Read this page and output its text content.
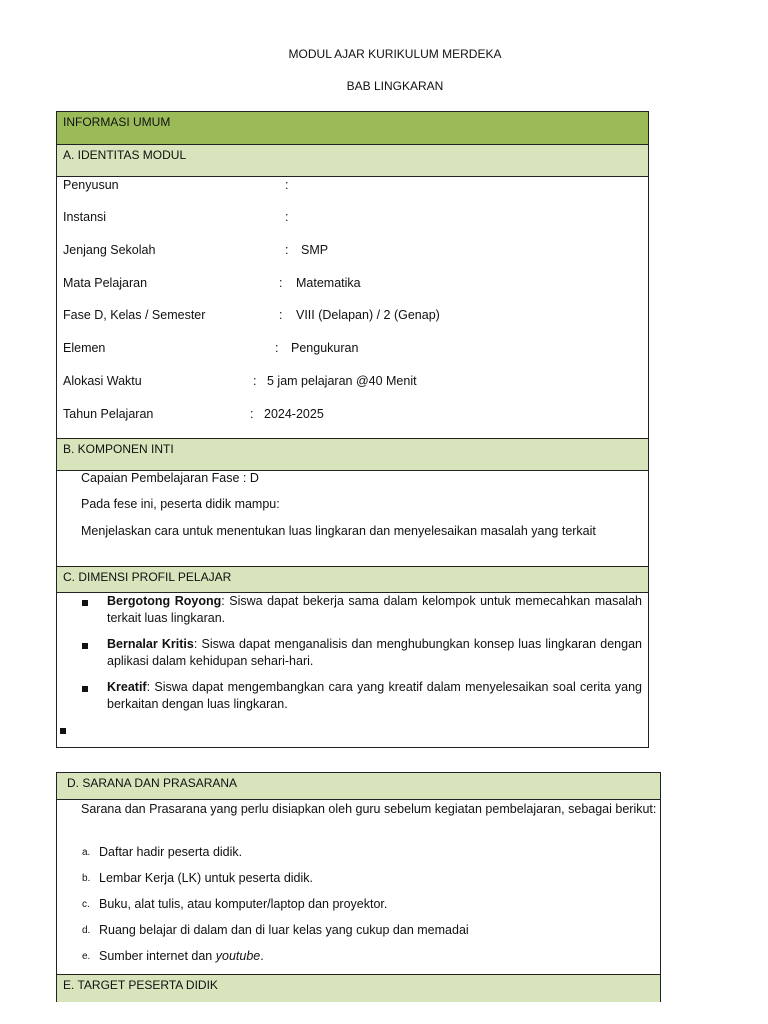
MODUL AJAR KURIKULUM MERDEKA
BAB LINGKARAN
INFORMASI UMUM
A. IDENTITAS MODUL
Penyusun	:
Instansi	:
Jenjang Sekolah	: SMP
Mata Pelajaran	: Matematika
Fase D, Kelas / Semester	: VIII (Delapan) / 2 (Genap)
Elemen	: Pengukuran
Alokasi Waktu	: 5 jam pelajaran @40 Menit
Tahun Pelajaran	: 2024-2025
B. KOMPONEN INTI
Capaian Pembelajaran Fase : D
Pada fese ini, peserta didik mampu:
Menjelaskan cara untuk menentukan luas lingkaran dan menyelesaikan masalah yang terkait
C. DIMENSI PROFIL PELAJAR
Bergotong Royong: Siswa dapat bekerja sama dalam kelompok untuk memecahkan masalah terkait luas lingkaran.
Bernalar Kritis: Siswa dapat menganalisis dan menghubungkan konsep luas lingkaran dengan aplikasi dalam kehidupan sehari-hari.
Kreatif: Siswa dapat mengembangkan cara yang kreatif dalam menyelesaikan soal cerita yang berkaitan dengan luas lingkaran.
D. SARANA DAN PRASARANA
Sarana dan Prasarana yang perlu disiapkan oleh guru sebelum kegiatan pembelajaran, sebagai berikut:
a. Daftar hadir peserta didik.
b. Lembar Kerja (LK) untuk peserta didik.
c. Buku, alat tulis, atau komputer/laptop dan proyektor.
d. Ruang belajar di dalam dan di luar kelas yang cukup dan memadai
e. Sumber internet dan youtube.
E. TARGET PESERTA DIDIK
